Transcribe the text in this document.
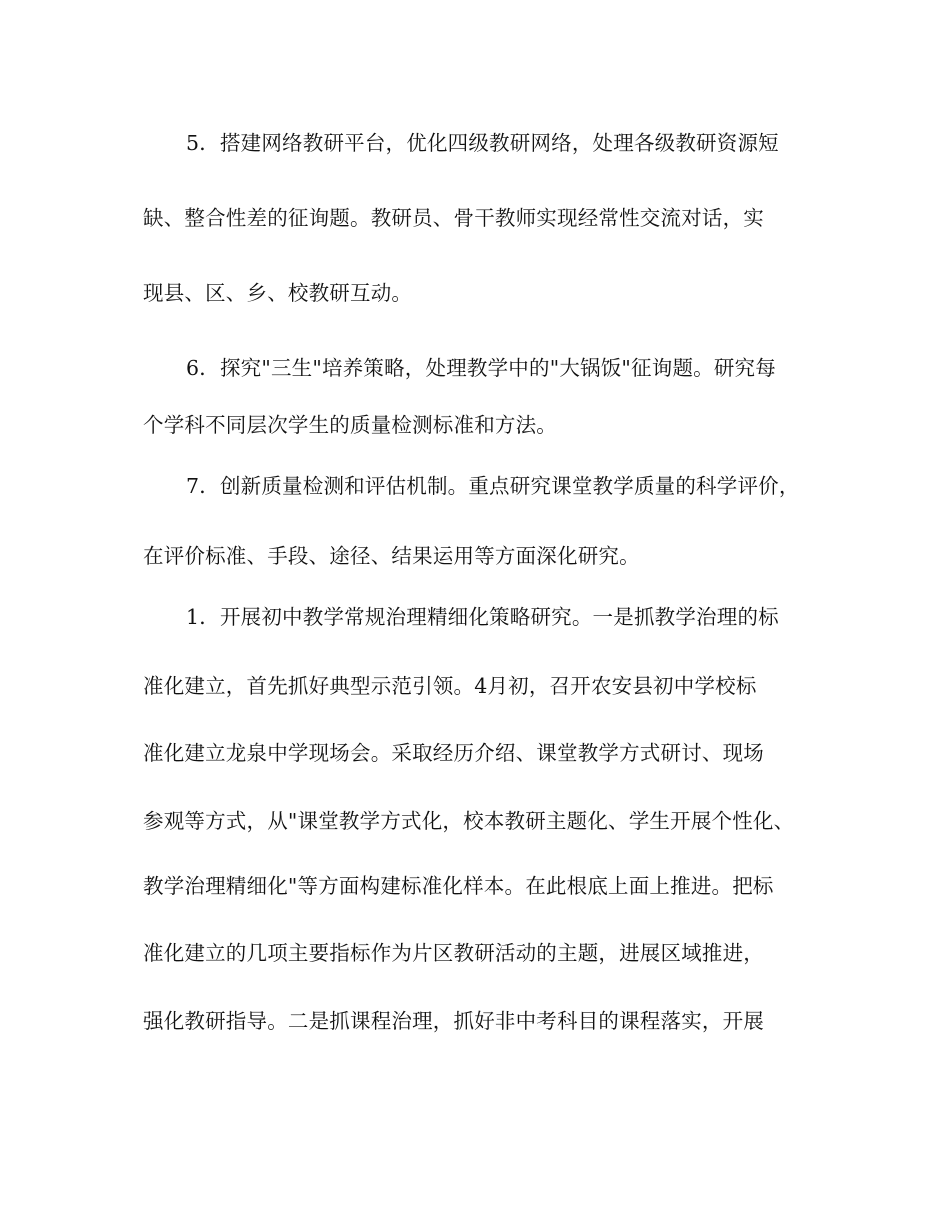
5．搭建网络教研平台，优化四级教研网络，处理各级教研资源短
缺、整合性差的征询题。教研员、骨干教师实现经常性交流对话，实
现县、区、乡、校教研互动。
6．探究"三生"培养策略，处理教学中的"大锅饭"征询题。研究每
个学科不同层次学生的质量检测标准和方法。
7．创新质量检测和评估机制。重点研究课堂教学质量的科学评价，
在评价标准、手段、途径、结果运用等方面深化研究。
1．开展初中教学常规治理精细化策略研究。一是抓教学治理的标
准化建立，首先抓好典型示范引领。4月初，召开农安县初中学校标
准化建立龙泉中学现场会。采取经历介绍、课堂教学方式研讨、现场
参观等方式，从"课堂教学方式化，校本教研主题化、学生开展个性化、
教学治理精细化"等方面构建标准化样本。在此根底上面上推进。把标
准化建立的几项主要指标作为片区教研活动的主题，进展区域推进，
强化教研指导。二是抓课程治理，抓好非中考科目的课程落实，开展
